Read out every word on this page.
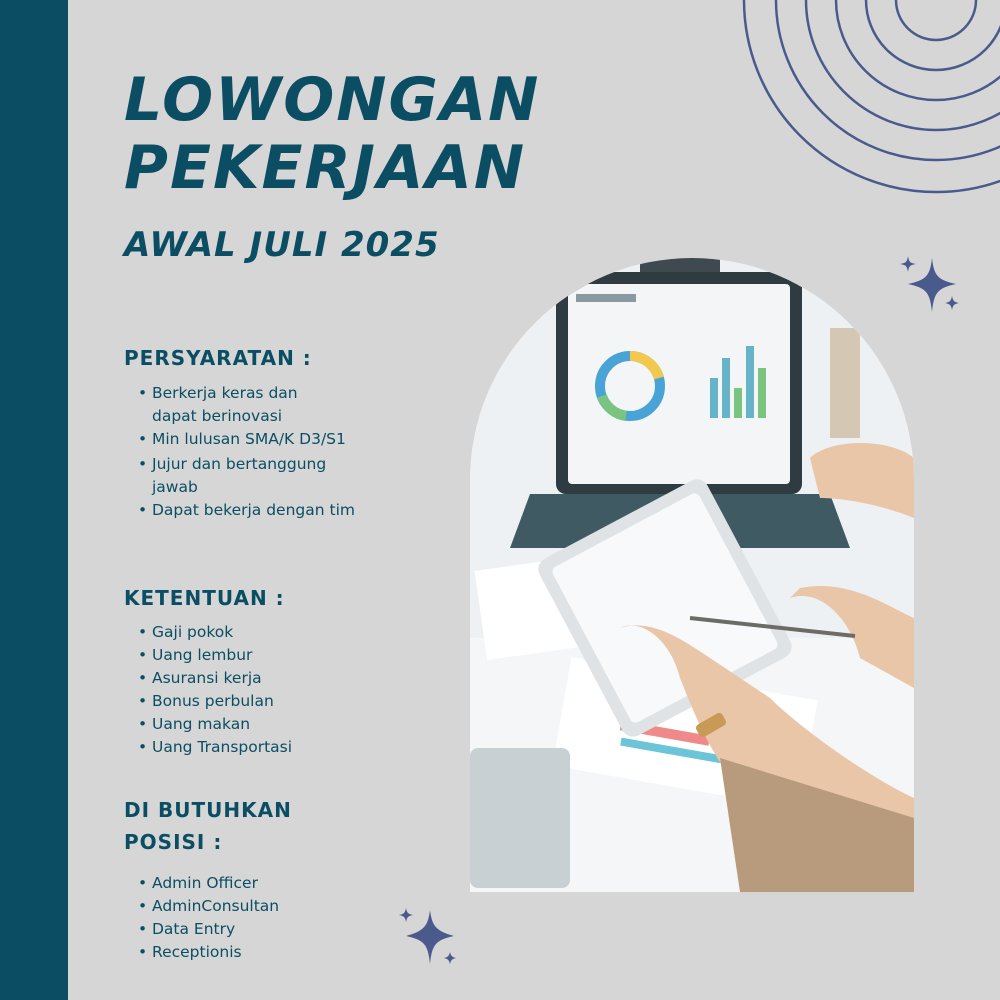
LOWONGAN
PEKERJAAN
AWAL JULI 2025
PERSYARATAN :
• Berkerja keras dan dapat berinovasi
• Min lulusan SMA/K D3/S1
• Jujur dan bertanggung jawab
• Dapat bekerja dengan tim
KETENTUAN :
• Gaji pokok
• Uang lembur
• Asuransi kerja
• Bonus perbulan
• Uang makan
• Uang Transportasi
DI BUTUHKAN
POSISI :
• Admin Officer
• AdminConsultan
• Data Entry
• Receptionis
